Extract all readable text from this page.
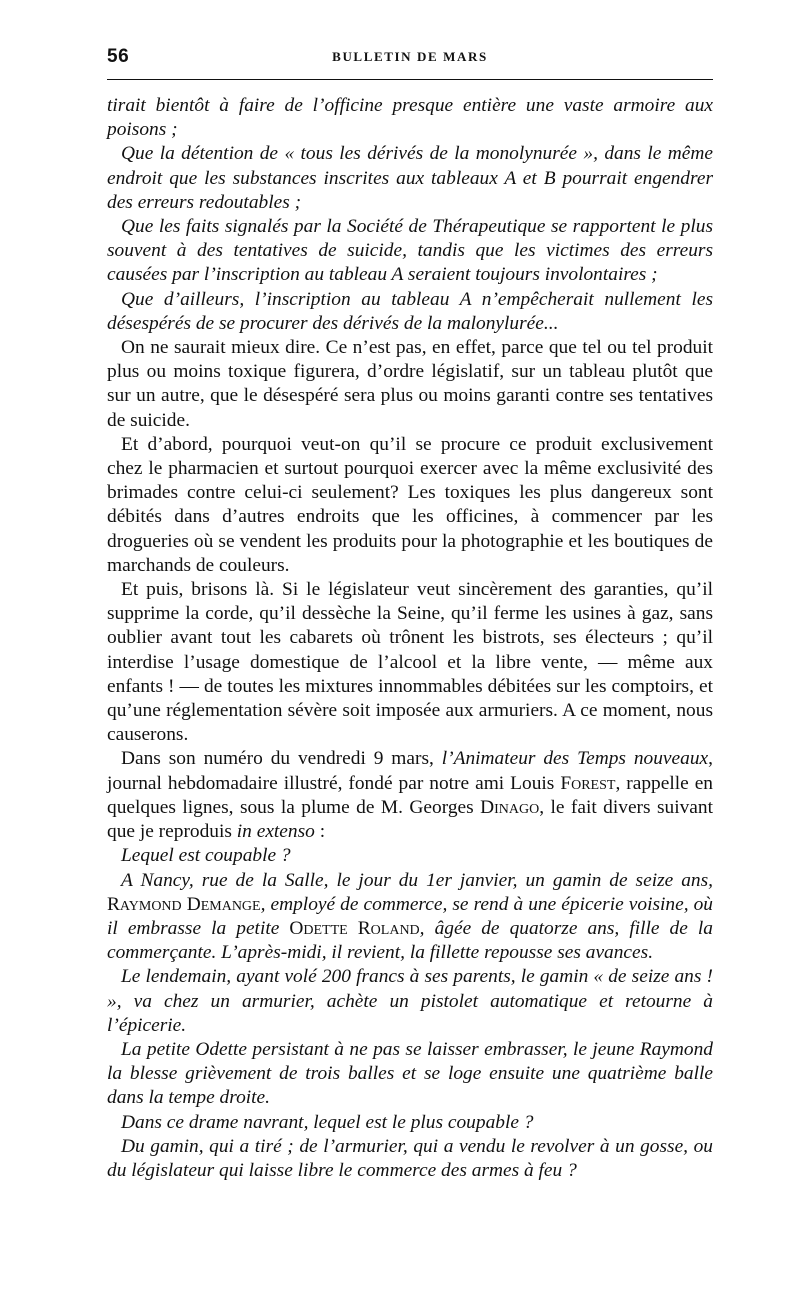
56	BULLETIN DE MARS

tirait bientôt à faire de l’officine presque entière une vaste armoire aux poisons ;

Que la détention de « tous les dérivés de la monolynurée », dans le même endroit que les substances inscrites aux tableaux A et B pourrait engendrer des erreurs redoutables ;

Que les faits signalés par la Société de Thérapeutique se rapportent le plus souvent à des tentatives de suicide, tandis que les victimes des erreurs causées par l’inscription au tableau A seraient toujours involontaires ;

Que d’ailleurs, l’inscription au tableau A n’empêcherait nullement les désespérés de se procurer des dérivés de la malonylurée...

On ne saurait mieux dire. Ce n’est pas, en effet, parce que tel ou tel produit plus ou moins toxique figurera, d’ordre législatif, sur un tableau plutôt que sur un autre, que le désespéré sera plus ou moins garanti contre ses tentatives de suicide.

Et d’abord, pourquoi veut-on qu’il se procure ce produit exclusivement chez le pharmacien et surtout pourquoi exercer avec la même exclusivité des brimades contre celui-ci seulement? Les toxiques les plus dangereux sont débités dans d’autres endroits que les officines, à commencer par les drogueries où se vendent les produits pour la photographie et les boutiques de marchands de couleurs.

Et puis, brisons là. Si le législateur veut sincèrement des garanties, qu’il supprime la corde, qu’il dessèche la Seine, qu’il ferme les usines à gaz, sans oublier avant tout les cabarets où trônent les bistrots, ses électeurs ; qu’il interdise l’usage domestique de l’alcool et la libre vente, — même aux enfants ! — de toutes les mixtures innommables débitées sur les comptoirs, et qu’une réglementation sévère soit imposée aux armuriers. A ce moment, nous causerons.

Dans son numéro du vendredi 9 mars, l’Animateur des Temps nouveaux, journal hebdomadaire illustré, fondé par notre ami Louis Forest, rappelle en quelques lignes, sous la plume de M. Georges Dinago, le fait divers suivant que je reproduis in extenso :

Lequel est coupable ?

A Nancy, rue de la Salle, le jour du 1er janvier, un gamin de seize ans, Raymond Demange, employé de commerce, se rend à une épicerie voisine, où il embrasse la petite Odette Roland, âgée de quatorze ans, fille de la commerçante. L’après-midi, il revient, la fillette repousse ses avances.

Le lendemain, ayant volé 200 francs à ses parents, le gamin « de seize ans ! », va chez un armurier, achète un pistolet automatique et retourne à l’épicerie.

La petite Odette persistant à ne pas se laisser embrasser, le jeune Raymond la blesse grièvement de trois balles et se loge ensuite une quatrième balle dans la tempe droite.

Dans ce drame navrant, lequel est le plus coupable ?

Du gamin, qui a tiré ; de l’armurier, qui a vendu le revolver à un gosse, ou du législateur qui laisse libre le commerce des armes à feu ?
